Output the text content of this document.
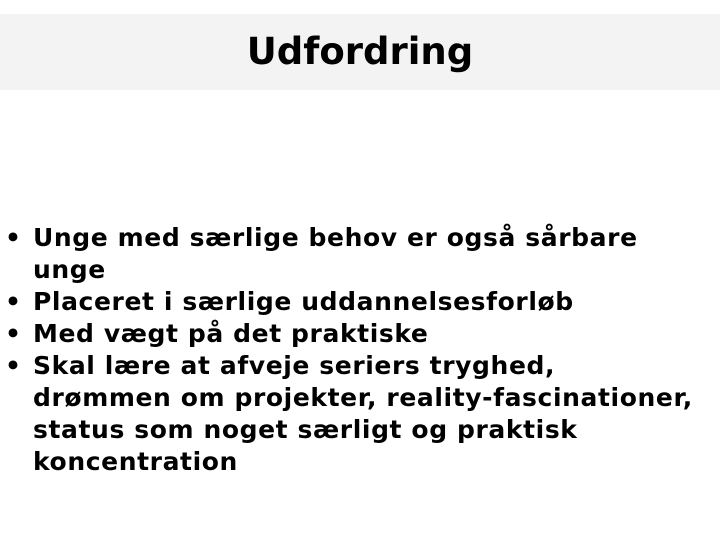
Udfordring
• Unge med særlige behov er også sårbare unge
• Placeret i særlige uddannelsesforløb
• Med vægt på det praktiske
• Skal lære at afveje seriers tryghed, drømmen om projekter, reality-fascinationer, status som noget særligt og praktisk koncentration
